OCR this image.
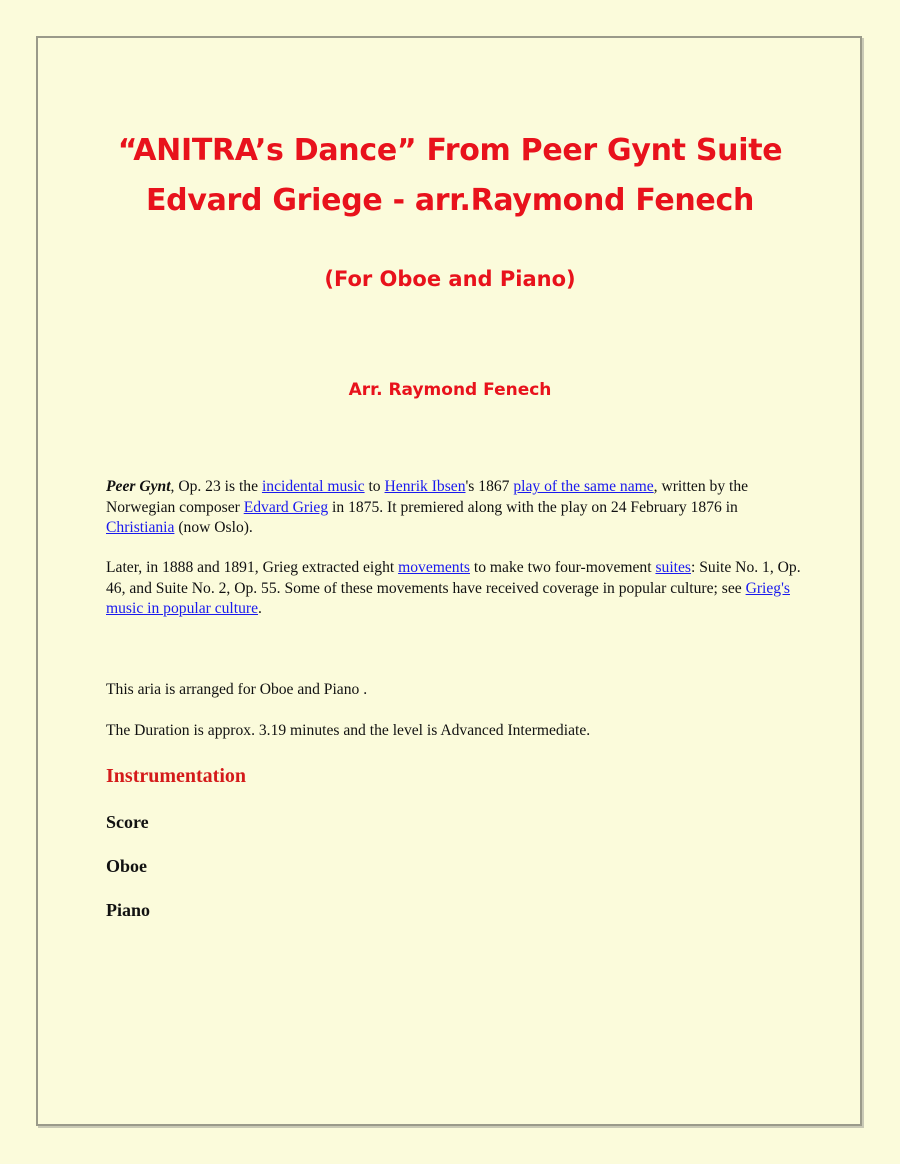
“ANITRA’s Dance” From Peer Gynt Suite
Edvard Griege - arr.Raymond Fenech
(For Oboe and Piano)
Arr. Raymond Fenech
Peer Gynt, Op. 23 is the incidental music to Henrik Ibsen's 1867 play of the same name, written by the Norwegian composer Edvard Grieg in 1875. It premiered along with the play on 24 February 1876 in Christiania (now Oslo).
Later, in 1888 and 1891, Grieg extracted eight movements to make two four-movement suites: Suite No. 1, Op. 46, and Suite No. 2, Op. 55. Some of these movements have received coverage in popular culture; see Grieg's music in popular culture.
This aria is arranged for Oboe and Piano .
The Duration is approx. 3.19 minutes and the level is Advanced Intermediate.
Instrumentation
Score
Oboe
Piano
